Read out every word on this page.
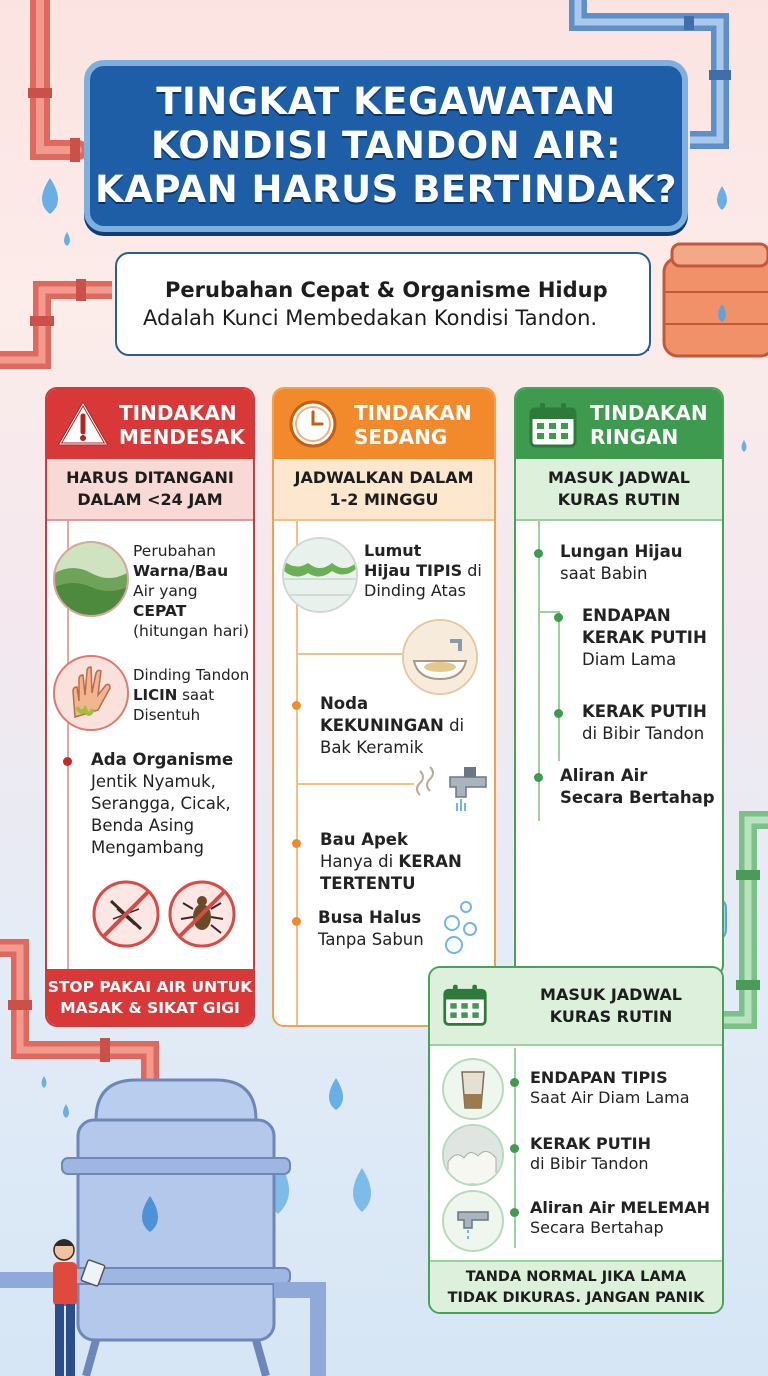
TINGKAT KEGAWATAN
KONDISI TANDON AIR:
KAPAN HARUS BERTINDAK?
Perubahan Cepat & Organisme Hidup
Adalah Kunci Membedakan Kondisi Tandon.
TINDAKAN
MENDESAK
HARUS DITANGANI
DALAM <24 JAM
Perubahan
Warna/Bau
Air yang
CEPAT
(hitungan hari)
Dinding Tandon
LICIN saat
Disentuh
Ada Organisme
Jentik Nyamuk,
Serangga, Cicak,
Benda Asing
Mengambang
STOP PAKAI AIR UNTUK
MASAK & SIKAT GIGI
TINDAKAN
SEDANG
JADWALKAN DALAM
1-2 MINGGU
Lumut
Hijau TIPIS di
Dinding Atas
Noda
KEKUNINGAN di
Bak Keramik
Bau Apek
Hanya di KERAN
TERTENTU
Busa Halus
Tanpa Sabun
TINDAKAN
RINGAN
MASUK JADWAL
KURAS RUTIN
Lungan Hijau
saat Babin
ENDAPAN
KERAK PUTIH
Diam Lama
KERAK PUTIH
di Bibir Tandon
Aliran Air
Secara Bertahap
MASUK JADWAL
KURAS RUTIN
ENDAPAN TIPIS
Saat Air Diam Lama
KERAK PUTIH
di Bibir Tandon
Aliran Air MELEMAH
Secara Bertahap
TANDA NORMAL JIKA LAMA
TIDAK DIKURAS. JANGAN PANIK
